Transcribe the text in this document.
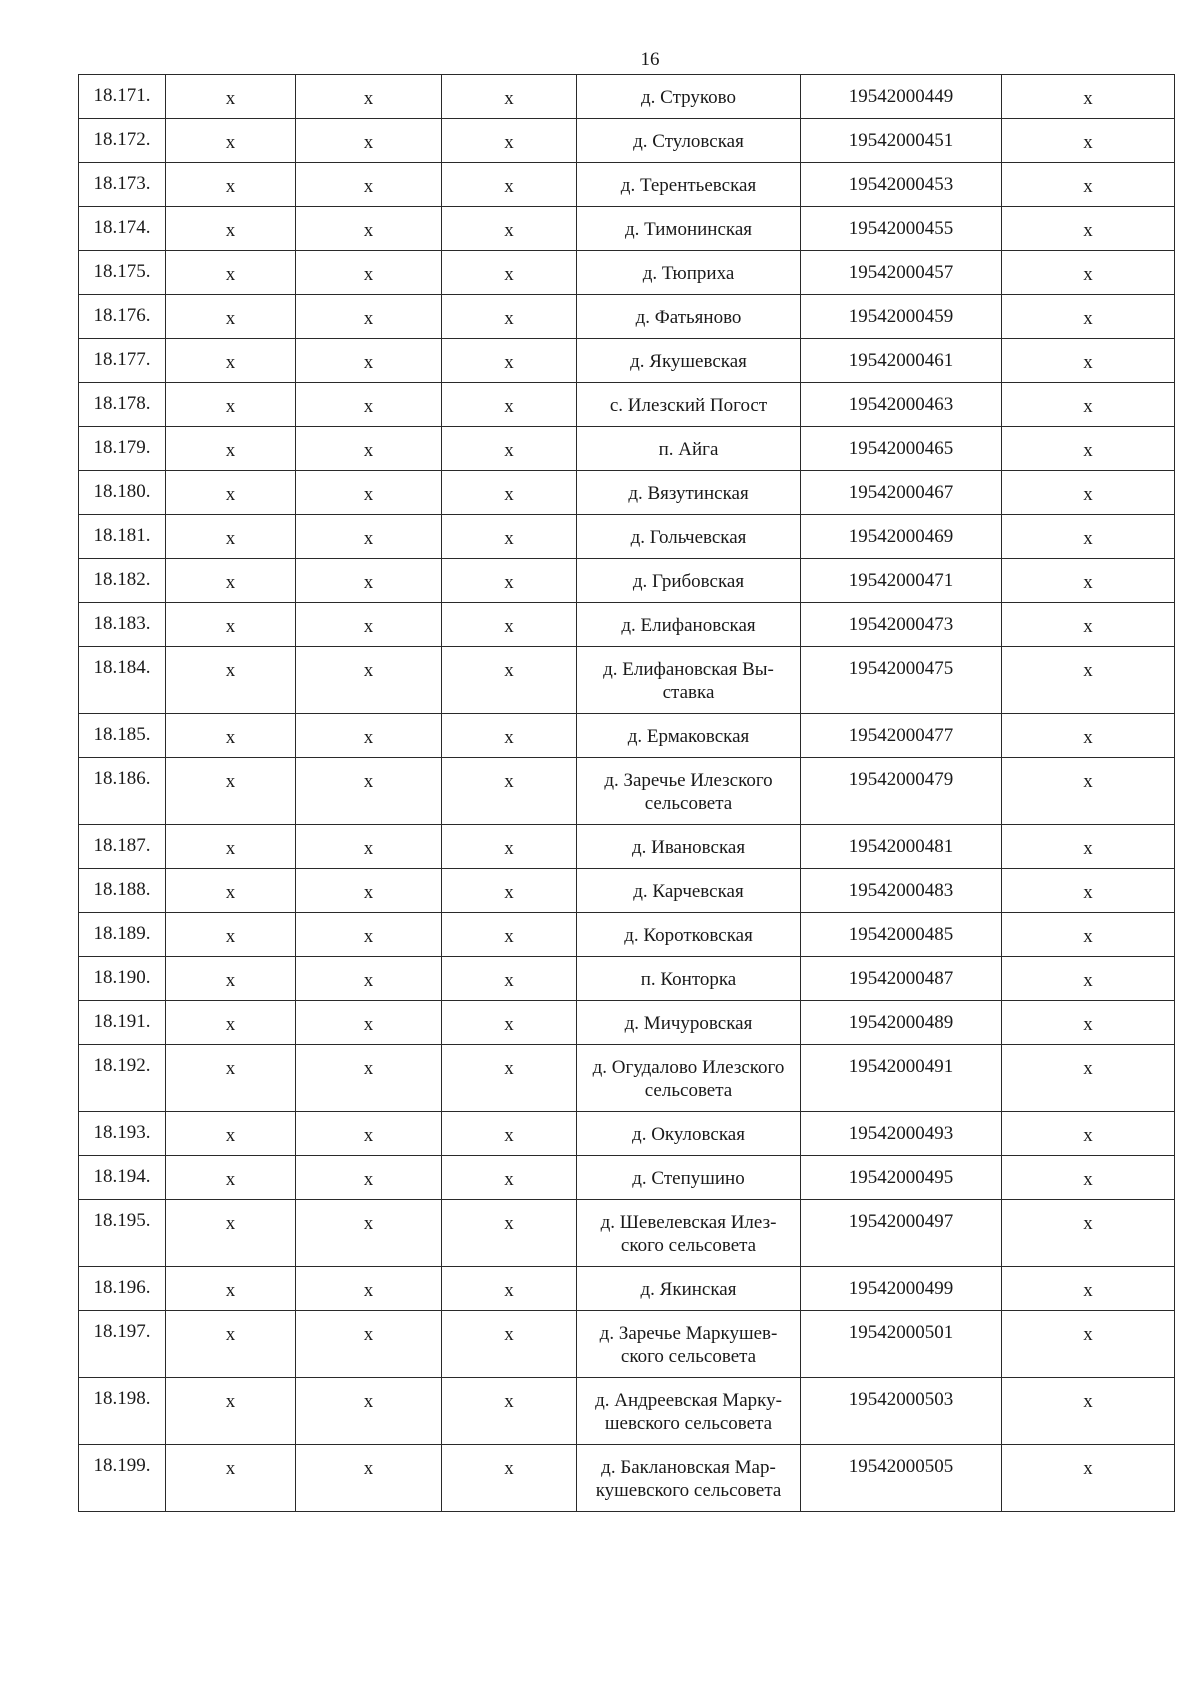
16
18.171.	х	х	х	д. Струково	19542000449	х

18.172.	х	х	х	д. Стуловская	19542000451	х

18.173.	х	х	х	д. Терентьевская	19542000453	х

18.174.	х	х	х	д. Тимонинская	19542000455	х

18.175.	х	х	х	д. Тюприха	19542000457	х

18.176.	х	х	х	д. Фатьяново	19542000459	х

18.177.	х	х	х	д. Якушевская	19542000461	х

18.178.	х	х	х	с. Илезский Погост	19542000463	х

18.179.	х	х	х	п. Айга	19542000465	х

18.180.	х	х	х	д. Вязутинская	19542000467	х

18.181.	х	х	х	д. Гольчевская	19542000469	х

18.182.	х	х	х	д. Грибовская	19542000471	х

18.183.	х	х	х	д. Елифановская	19542000473	х

18.184.	х	х	х	д. Елифановская Вы-
ставка	19542000475	х

18.185.	х	х	х	д. Ермаковская	19542000477	х

18.186.	х	х	х	д. Заречье Илезского
сельсовета	19542000479	х

18.187.	х	х	х	д. Ивановская	19542000481	х

18.188.	х	х	х	д. Карчевская	19542000483	х

18.189.	х	х	х	д. Коротковская	19542000485	х

18.190.	х	х	х	п. Конторка	19542000487	х

18.191.	х	х	х	д. Мичуровская	19542000489	х

18.192.	х	х	х	д. Огудалово Илезского
сельсовета	19542000491	х

18.193.	х	х	х	д. Окуловская	19542000493	х

18.194.	х	х	х	д. Степушино	19542000495	х

18.195.	х	х	х	д. Шевелевская Илез-
ского сельсовета	19542000497	х

18.196.	х	х	х	д. Якинская	19542000499	х

18.197.	х	х	х	д. Заречье Маркушев-
ского сельсовета	19542000501	х

18.198.	х	х	х	д. Андреевская Марку-
шевского сельсовета	19542000503	х

18.199.	х	х	х	д. Баклановская Мар-
кушевского сельсовета	19542000505	х
